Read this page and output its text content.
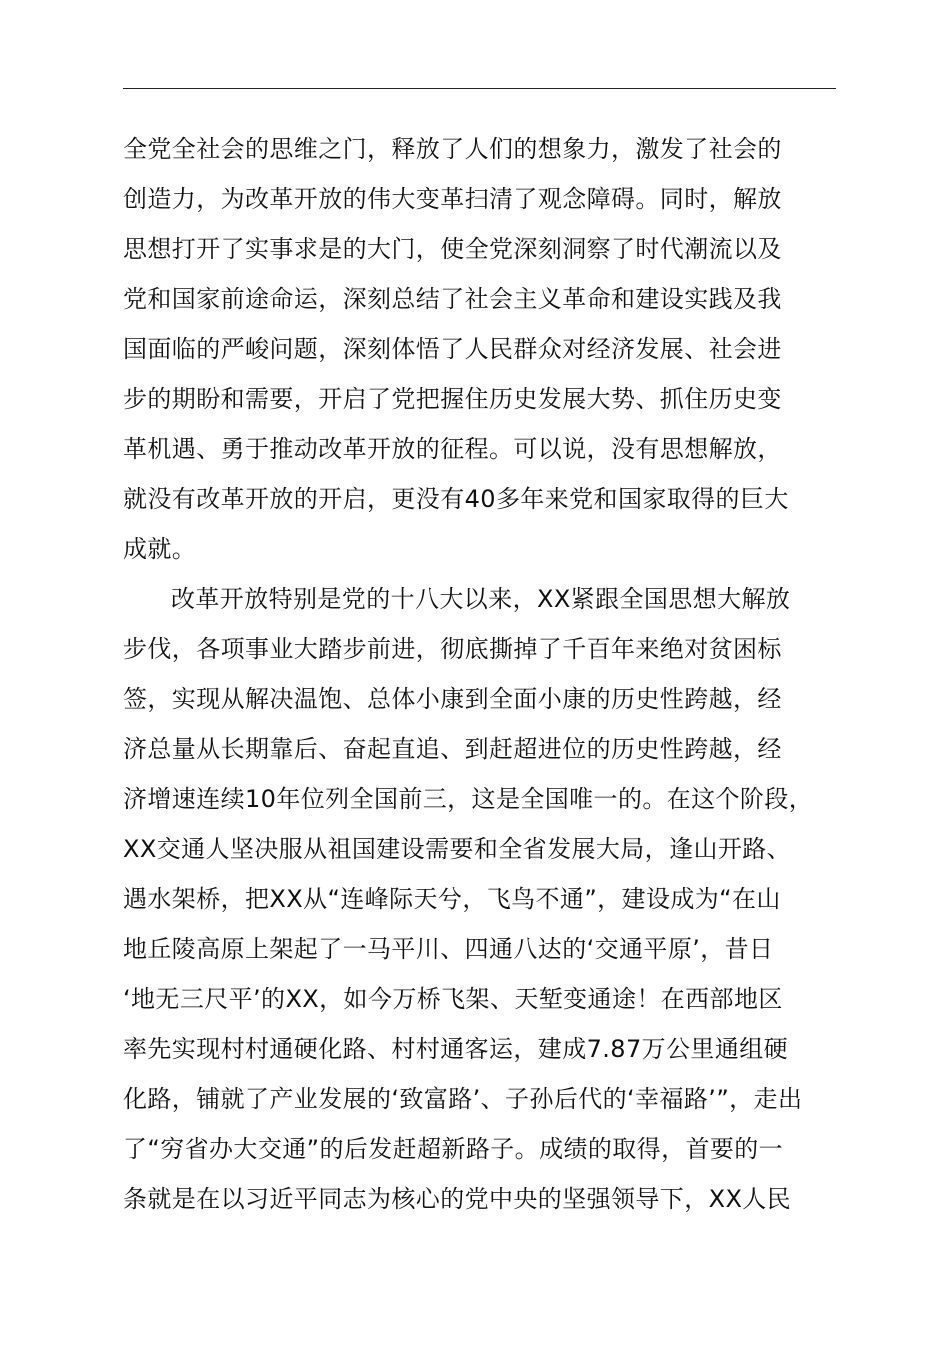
全党全社会的思维之门，释放了人们的想象力，激发了社会的
创造力，为改革开放的伟大变革扫清了观念障碍。同时，解放
思想打开了实事求是的大门，使全党深刻洞察了时代潮流以及
党和国家前途命运，深刻总结了社会主义革命和建设实践及我
国面临的严峻问题，深刻体悟了人民群众对经济发展、社会进
步的期盼和需要，开启了党把握住历史发展大势、抓住历史变
革机遇、勇于推动改革开放的征程。可以说，没有思想解放，
就没有改革开放的开启，更没有40多年来党和国家取得的巨大
成就。
改革开放特别是党的十八大以来，XX紧跟全国思想大解放
步伐，各项事业大踏步前进，彻底撕掉了千百年来绝对贫困标
签，实现从解决温饱、总体小康到全面小康的历史性跨越，经
济总量从长期靠后、奋起直追、到赶超进位的历史性跨越，经
济增速连续10年位列全国前三，这是全国唯一的。在这个阶段，
XX交通人坚决服从祖国建设需要和全省发展大局，逢山开路、
遇水架桥，把XX从“连峰际天兮，飞鸟不通”，建设成为“在山
地丘陵高原上架起了一马平川、四通八达的‘交通平原’，昔日
‘地无三尺平’的XX，如今万桥飞架、天堑变通途！在西部地区
率先实现村村通硬化路、村村通客运，建成7.87万公里通组硬
化路，铺就了产业发展的‘致富路’、子孙后代的‘幸福路’”，走出
了“穷省办大交通”的后发赶超新路子。成绩的取得，首要的一
条就是在以习近平同志为核心的党中央的坚强领导下，XX人民
